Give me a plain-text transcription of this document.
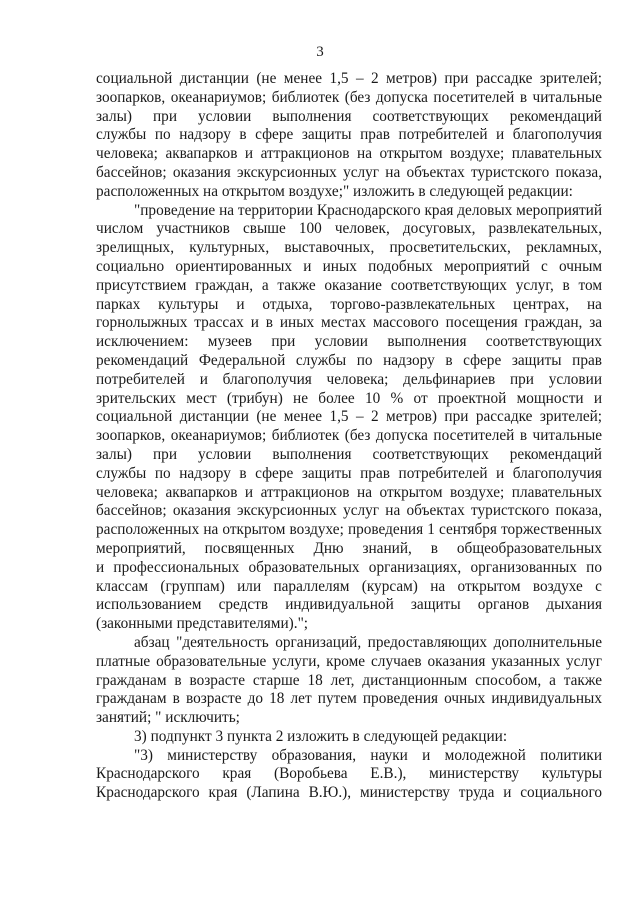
3

социальной дистанции (не менее 1,5 – 2 метров) при рассадке зрителей;
зоопарков, океанариумов; библиотек (без допуска посетителей в читальные
залы) при условии выполнения соответствующих рекомендаций
службы по надзору в сфере защиты прав потребителей и благополучия
человека; аквапарков и аттракционов на открытом воздухе; плавательных
бассейнов; оказания экскурсионных услуг на объектах туристского показа,
расположенных на открытом воздухе;" изложить в следующей редакции:

"проведение на территории Краснодарского края деловых мероприятий
числом участников свыше 100 человек, досуговых, развлекательных,
зрелищных, культурных, выставочных, просветительских, рекламных,
социально ориентированных и иных подобных мероприятий с очным
присутствием граждан, а также оказание соответствующих услуг, в том
парках культуры и отдыха, торгово-развлекательных центрах, на
горнолыжных трассах и в иных местах массового посещения граждан, за
исключением: музеев при условии выполнения соответствующих
рекомендаций Федеральной службы по надзору в сфере защиты прав
потребителей и благополучия человека; дельфинариев при условии
зрительских мест (трибун) не более 10 % от проектной мощности и
социальной дистанции (не менее 1,5 – 2 метров) при рассадке зрителей;
зоопарков, океанариумов; библиотек (без допуска посетителей в читальные
залы) при условии выполнения соответствующих рекомендаций
службы по надзору в сфере защиты прав потребителей и благополучия
человека; аквапарков и аттракционов на открытом воздухе; плавательных
бассейнов; оказания экскурсионных услуг на объектах туристского показа,
расположенных на открытом воздухе; проведения 1 сентября торжественных
мероприятий, посвященных Дню знаний, в общеобразовательных
и профессиональных образовательных организациях, организованных по
классам (группам) или параллелям (курсам) на открытом воздухе с
использованием средств индивидуальной защиты органов дыхания
(законными представителями).";

абзац "деятельность организаций, предоставляющих дополнительные
платные образовательные услуги, кроме случаев оказания указанных услуг
гражданам в возрасте старше 18 лет, дистанционным способом, а также
гражданам в возрасте до 18 лет путем проведения очных индивидуальных
занятий; " исключить;

3) подпункт 3 пункта 2 изложить в следующей редакции:

"3) министерству образования, науки и молодежной политики
Краснодарского края (Воробьева Е.В.), министерству культуры
Краснодарского края (Лапина В.Ю.), министерству труда и социального
